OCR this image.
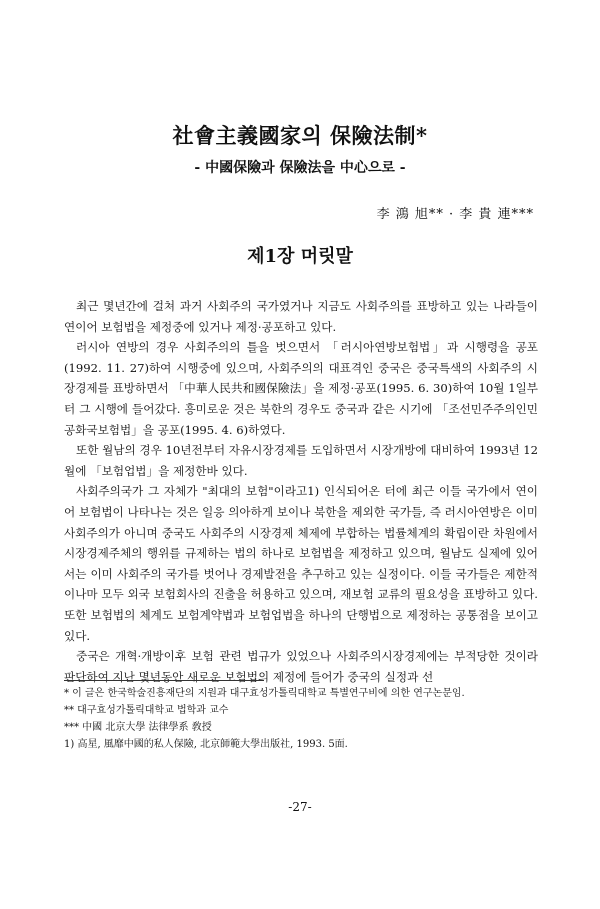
社會主義國家의 保險法制*
- 中國保險과 保險法을 中心으로 -
李 鴻 旭** · 李 貴 連***
제1장 머릿말

최근 몇년간에 걸쳐 과거 사회주의 국가였거나 지금도 사회주의를 표방하고 있는 나라들이 연이어 보험법을 제정중에 있거나 제정·공포하고 있다.

러시아 연방의 경우 사회주의의 틀을 벗으면서 「러시아연방보험법」과 시행령을 공포(1992. 11. 27)하여 시행중에 있으며, 사회주의의 대표격인 중국은 중국특색의 사회주의 시장경제를 표방하면서 「中華人民共和國保險法」을 제정·공포(1995. 6. 30)하여 10월 1일부터 그 시행에 들어갔다. 흥미로운 것은 북한의 경우도 중국과 같은 시기에 「조선민주주의인민공화국보험법」을 공포(1995. 4. 6)하였다.

또한 월남의 경우 10년전부터 자유시장경제를 도입하면서 시장개방에 대비하여 1993년 12월에 「보험업법」을 제정한바 있다.

사회주의국가 그 자체가 "최대의 보험"이라고1) 인식되어온 터에 최근 이들 국가에서 연이어 보험법이 나타나는 것은 일응 의아하게 보이나 북한을 제외한 국가들, 즉 러시아연방은 이미 사회주의가 아니며 중국도 사회주의 시장경제 체제에 부합하는 법률체계의 확립이란 차원에서 시장경제주체의 행위를 규제하는 법의 하나로 보험법을 제정하고 있으며, 월남도 실제에 있어서는 이미 사회주의 국가를 벗어나 경제발전을 추구하고 있는 실정이다. 이들 국가들은 제한적이나마 모두 외국 보험회사의 진출을 허용하고 있으며, 재보험 교류의 필요성을 표방하고 있다. 또한 보험법의 체계도 보험계약법과 보험업법을 하나의 단행법으로 제정하는 공통점을 보이고 있다.

중국은 개혁·개방이후 보험 관련 법규가 있었으나 사회주의시장경제에는 부적당한 것이라 판단하여 지난 몇년동안 새로운 보험법의 제정에 들어가 중국의 실정과 선

* 이 글은 한국학술진흥재단의 지원과 대구효성가톨릭대학교 특별연구비에 의한 연구논문임.
** 대구효성가톨릭대학교 법학과 교수
*** 中國 北京大學 法律學系 敎授
1) 高星, 風靡中國的私人保險, 北京師範大學出版社, 1993. 5面.
-27-
